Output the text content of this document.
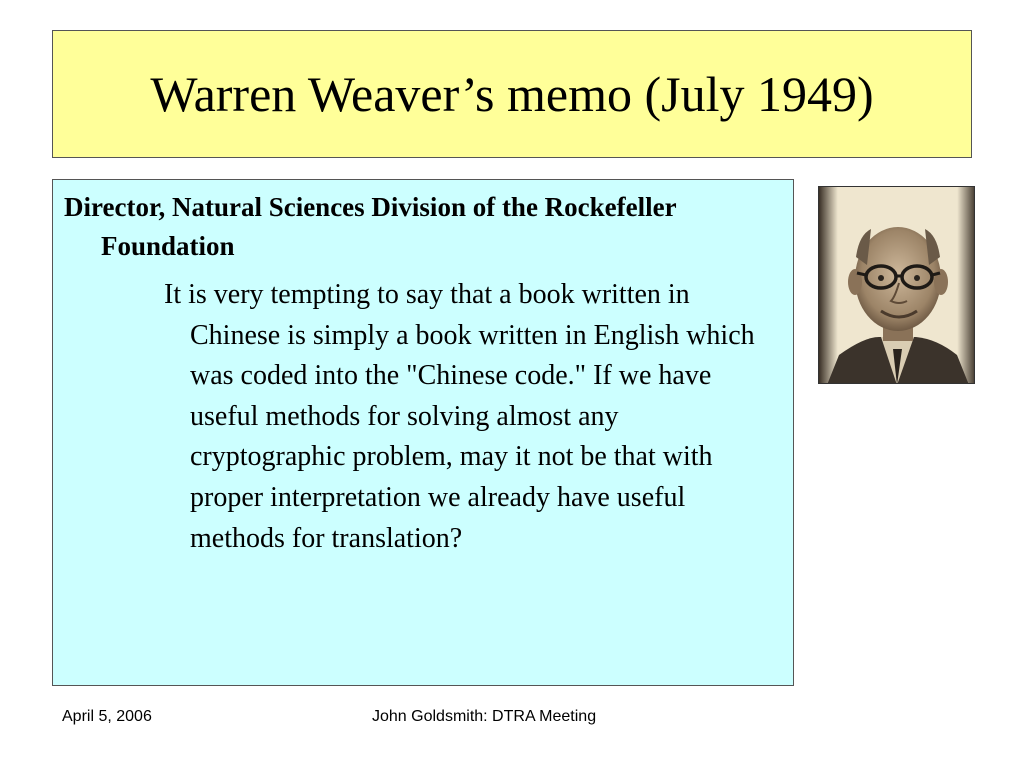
Warren Weaver’s memo (July 1949)

Director, Natural Sciences Division of the Rockefeller Foundation

It is very tempting to say that a book written in Chinese is simply a book written in English which was coded into the "Chinese code." If we have useful methods for solving almost any cryptographic problem, may it not be that with proper interpretation we already have useful methods for translation?

April 5, 2006	John Goldsmith: DTRA Meeting
